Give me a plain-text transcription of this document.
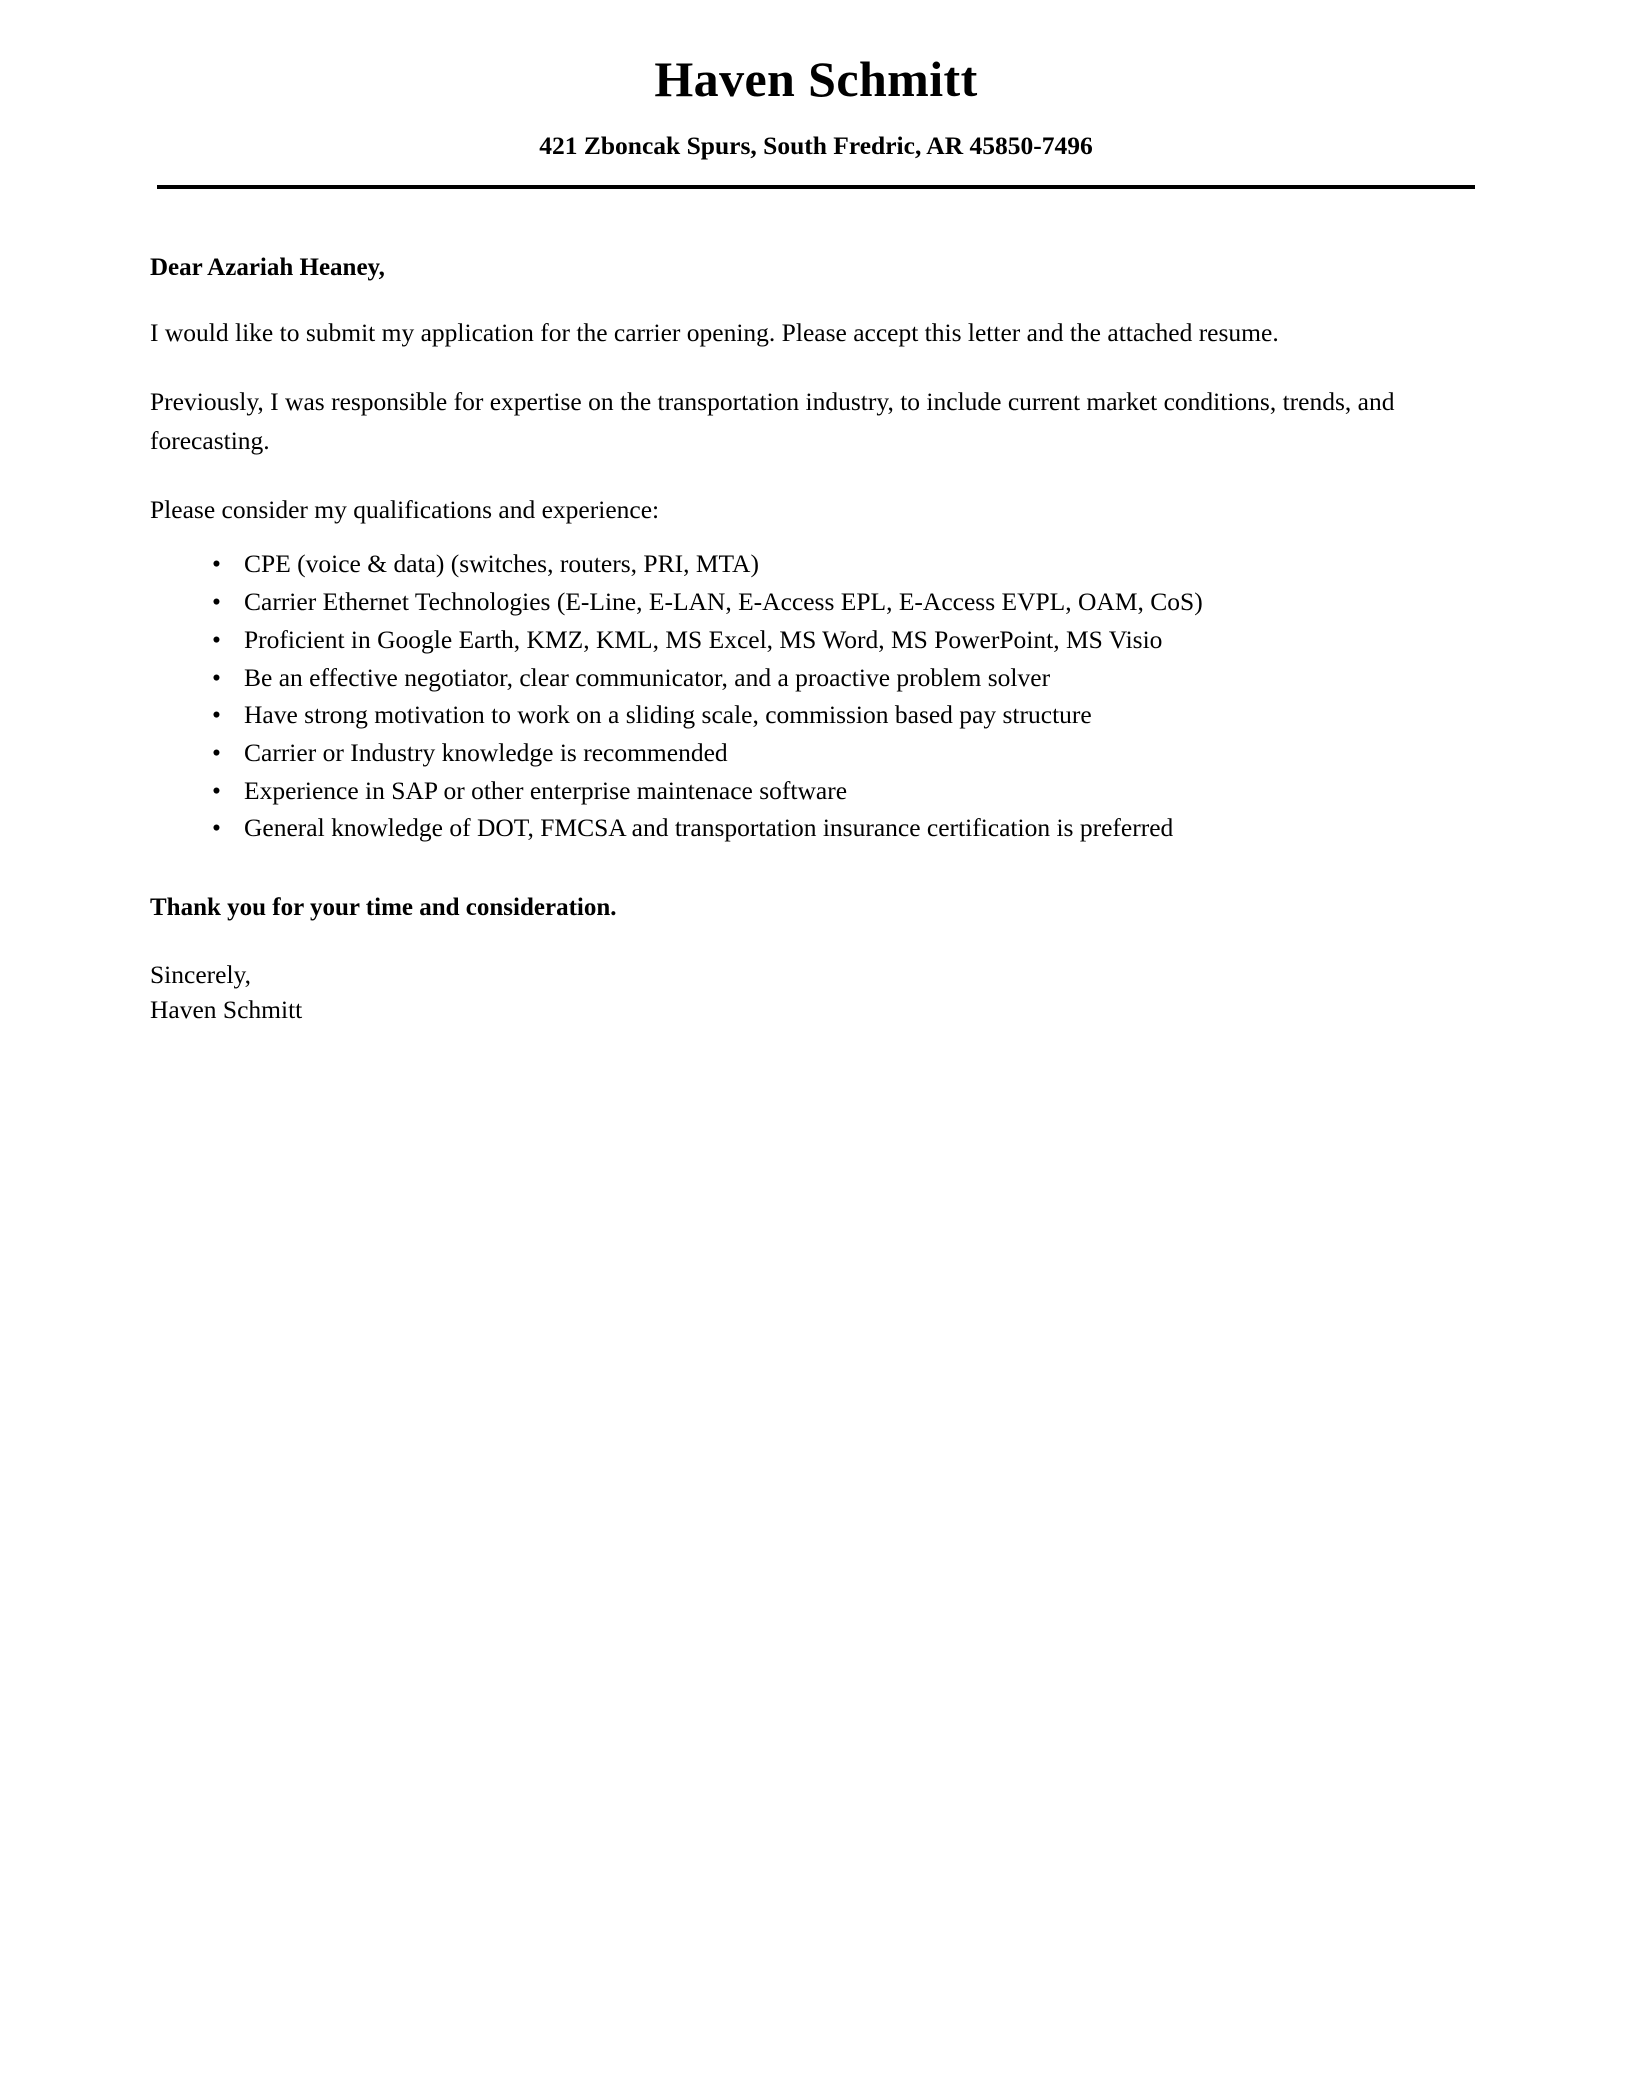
Haven Schmitt
421 Zboncak Spurs, South Fredric, AR 45850-7496

Dear Azariah Heaney,

I would like to submit my application for the carrier opening. Please accept this letter and the attached resume.

Previously, I was responsible for expertise on the transportation industry, to include current market conditions, trends, and forecasting.

Please consider my qualifications and experience:

• CPE (voice & data) (switches, routers, PRI, MTA)
• Carrier Ethernet Technologies (E-Line, E-LAN, E-Access EPL, E-Access EVPL, OAM, CoS)
• Proficient in Google Earth, KMZ, KML, MS Excel, MS Word, MS PowerPoint, MS Visio
• Be an effective negotiator, clear communicator, and a proactive problem solver
• Have strong motivation to work on a sliding scale, commission based pay structure
• Carrier or Industry knowledge is recommended
• Experience in SAP or other enterprise maintenace software
• General knowledge of DOT, FMCSA and transportation insurance certification is preferred

Thank you for your time and consideration.

Sincerely,
Haven Schmitt
